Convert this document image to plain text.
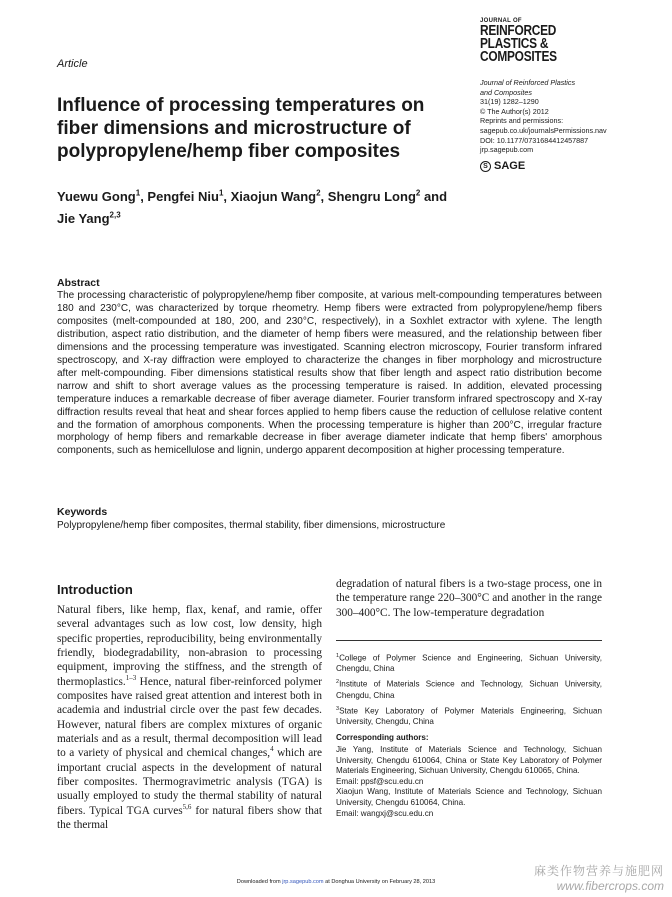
Article
JOURNAL OF
REINFORCED
PLASTICS &
COMPOSITES
Journal of Reinforced Plastics
and Composites
31(19) 1282–1290
© The Author(s) 2012
Reprints and permissions:
sagepub.co.uk/journalsPermissions.nav
DOI: 10.1177/0731684412457887
jrp.sagepub.com
S SAGE
Influence of processing temperatures on fiber dimensions and microstructure of polypropylene/hemp fiber composites
Yuewu Gong$^1$, Pengfei Niu$^1$, Xiaojun Wang$^2$, Shengru Long$^2$ and Jie Yang$^{2,3}$
Abstract
The processing characteristic of polypropylene/hemp fiber composite, at various melt-compounding temperatures between 180 and 230°C, was characterized by torque rheometry. Hemp fibers were extracted from polypropylene/hemp fibers composites (melt-compounded at 180, 200, and 230°C, respectively), in a Soxhlet extractor with xylene. The length distribution, aspect ratio distribution, and the diameter of hemp fibers were measured, and the relationship between fiber dimensions and the processing temperature was investigated. Scanning electron microscopy, Fourier transform infrared spectroscopy, and X-ray diffraction were employed to characterize the changes in fiber morphology and microstructure after melt-compounding. Fiber dimensions statistical results show that fiber length and aspect ratio distribution become narrow and shift to short average values as the processing temperature is raised. In addition, elevated processing temperature induces a remarkable decrease of fiber average diameter. Fourier transform infrared spectroscopy and X-ray diffraction results reveal that heat and shear forces applied to hemp fibers cause the reduction of cellulose relative content and the formation of amorphous components. When the processing temperature is higher than 200°C, irregular fracture morphology of hemp fibers and remarkable decrease in fiber average diameter indicate that hemp fibers' amorphous components, such as hemicellulose and lignin, undergo apparent decomposition at higher processing temperature.
Keywords
Polypropylene/hemp fiber composites, thermal stability, fiber dimensions, microstructure
Introduction
Natural fibers, like hemp, flax, kenaf, and ramie, offer several advantages such as low cost, low density, high specific properties, reproducibility, being environmentally friendly, biodegradability, non-abrasion to processing equipment, improving the stiffness, and the strength of thermoplastics.$^{1-3}$ Hence, natural fiber-reinforced polymer composites have raised great attention and interest both in academia and industrial circle over the past few decades. However, natural fibers are complex mixtures of organic materials and as a result, thermal decomposition will lead to a variety of physical and chemical changes,$^4$ which are important crucial aspects in the development of natural fiber composites. Thermogravimetric analysis (TGA) is usually employed to study the thermal stability of natural fibers. Typical TGA curves$^{5,6}$ for natural fibers show that the thermal
degradation of natural fibers is a two-stage process, one in the temperature range 220–300°C and another in the range 300–400°C. The low-temperature degradation
$^1$College of Polymer Science and Engineering, Sichuan University, Chengdu, China
$^2$Institute of Materials Science and Technology, Sichuan University, Chengdu, China
$^3$State Key Laboratory of Polymer Materials Engineering, Sichuan University, Chengdu, China
Corresponding authors:
Jie Yang, Institute of Materials Science and Technology, Sichuan University, Chengdu 610064, China or State Key Laboratory of Polymer Materials Engineering, Sichuan University, Chengdu 610065, China.
Email: ppsf@scu.edu.cn
Xiaojun Wang, Institute of Materials Science and Technology, Sichuan University, Chengdu 610064, China.
Email: wangxj@scu.edu.cn
Downloaded from jrp.sagepub.com at Donghua University on February 28, 2013
麻类作物营养与施肥网
www.fibercrops.com
